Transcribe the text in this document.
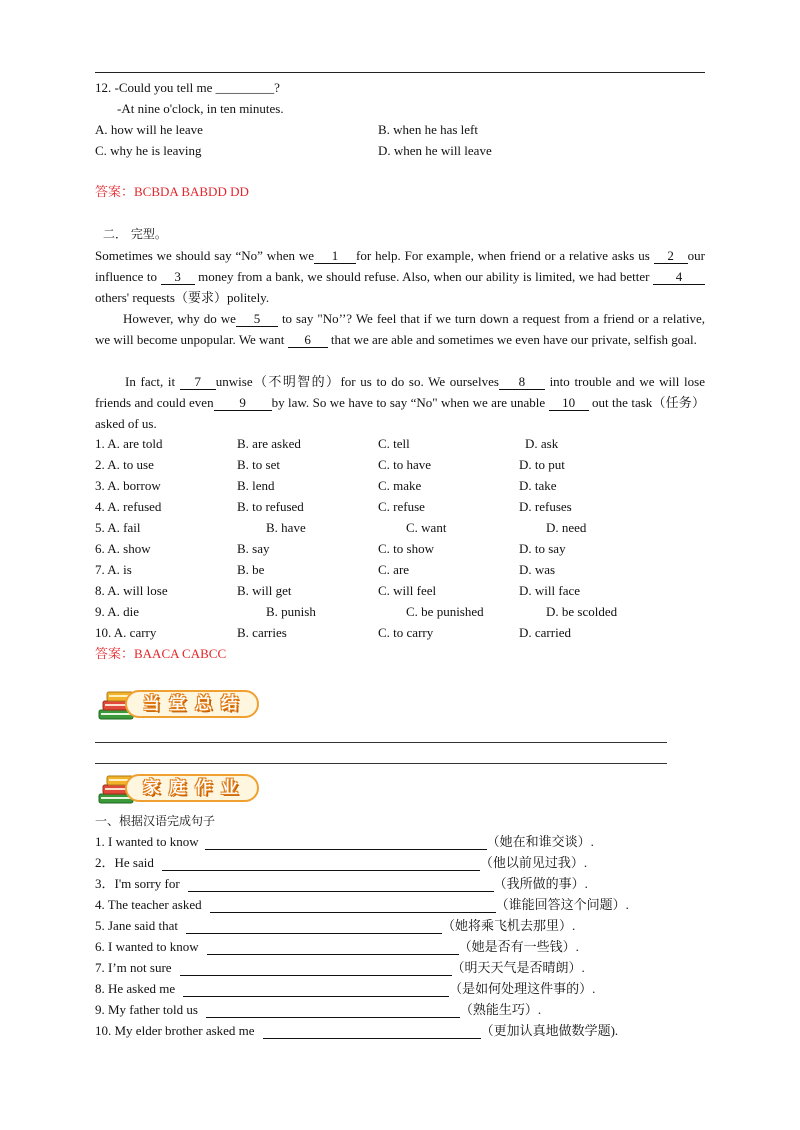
12. -Could you tell me _________?
-At nine o'clock, in ten minutes.
A. how will he leave	B. when he has left
C. why he is leaving	D. when he will leave
答案：BCBDA BABDD DD
二． 完型。
Sometimes we should say “No” when we1for help. For example, when friend or a relative asks us 2our influence to 3 money from a bank, we should refuse. Also, when our ability is limited, we had better 4others' requests（要求）politely.
However, why do we5 to say "No’’? We feel that if we turn down a request from a friend or a relative, we will become unpopular. We want 6 that we are able and sometimes we even have our private, selfish goal.
In fact, it 7unwise（不明智的）for us to do so. We ourselves8 into trouble and we will lose friends and could even9by law. So we have to say “No" when we are unable 10 out the task（任务）asked of us.
1. A. are told	B. are asked	C. tell	D. ask
2. A. to use	B. to set	C. to have	D. to put
3. A. borrow	B. lend	C. make	D. take
4. A. refused	B. to refused	C. refuse	D. refuses
5. A. fail	B. have	C. want	D. need
6. A. show	B. say	C. to show	D. to say
7. A. is	B. be	C. are	D. was
8. A. will lose	B. will get	C. will feel	D. will face
9. A. die	B. punish	C. be punished	D. be scolded
10. A. carry	B. carries	C. to carry	D. carried
答案：BAACA CABCC
当堂总结
家庭作业
一、根据汉语完成句子
1. I wanted to know	（她在和谁交谈）.
2．He said	（他以前见过我）.
3．I'm sorry for	（我所做的事）.
4. The teacher asked	（谁能回答这个问题）.
5. Jane said that	（她将乘飞机去那里）.
6. I wanted to know	（她是否有一些钱）.
7. I’m not sure	（明天天气是否晴朗）.
8. He asked me	（是如何处理这件事的）.
9. My father told us	（熟能生巧）.
10. My elder brother asked me	（更加认真地做数学题).
